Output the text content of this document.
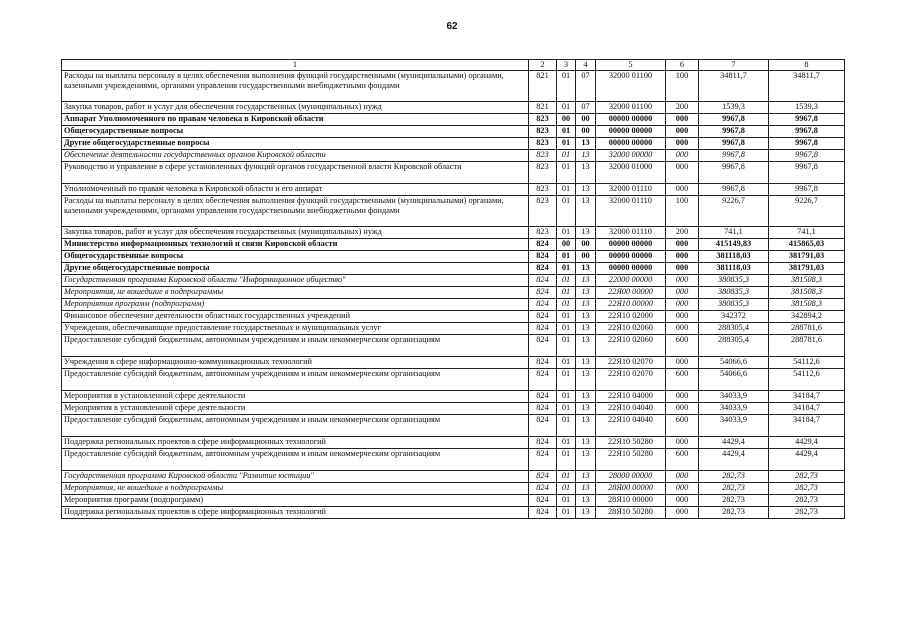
62
1	2	3	4	5	6	7	8
Расходы на выплаты персоналу в целях обеспечения выполнения функций государственными (муниципальными) органами, казенными учреждениями, органами управления государственными внебюджетными фондами	821	01	07	32000 01100	100	34811,7	34811,7
Закупка товаров, работ и услуг для обеспечения государственных (муниципальных) нужд	821	01	07	32000 01100	200	1539,3	1539,3
Аппарат Уполномоченного по правам человека в Кировской области	823	00	00	00000 00000	000	9967,8	9967,8
Общегосударственные вопросы	823	01	00	00000 00000	000	9967,8	9967,8
Другие общегосударственные вопросы	823	01	13	00000 00000	000	9967,8	9967,8
Обеспечение деятельности государственных органов Кировской области	823	01	13	32000 00000	000	9967,8	9967,8
Руководство и управление в сфере установленных функций органов государственной власти Кировской области	823	01	13	32000 01000	000	9967,8	9967,8
Уполномоченный по правам человека в Кировской области и его аппарат	823	01	13	32000 01110	000	9967,8	9967,8
Расходы на выплаты персоналу в целях обеспечения выполнения функций государственными (муниципальными) органами, казенными учреждениями, органами управления государственными внебюджетными фондами	823	01	13	32000 01110	100	9226,7	9226,7
Закупка товаров, работ и услуг для обеспечения государственных (муниципальных) нужд	823	01	13	32000 01110	200	741,1	741,1
Министерство информационных технологий и связи Кировской области	824	00	00	00000 00000	000	415149,83	415865,03
Общегосударственные вопросы	824	01	00	00000 00000	000	381118,03	381791,03
Другие общегосударственные вопросы	824	01	13	00000 00000	000	381118,03	381791,03
Государственная программа Кировской области "Информационное общество"	824	01	13	22000 00000	000	380835,3	381508,3
Мероприятия, не вошедшие в подпрограммы	824	01	13	22Я00 00000	000	380835,3	381508,3
Мероприятия программ (подпрограмм)	824	01	13	22Я10 00000	000	380835,3	381508,3
Финансовое обеспечение деятельности областных государственных учреждений	824	01	13	22Я10 02000	000	342372	342894,2
Учреждения, обеспечивающие предоставление государственных и муниципальных услуг	824	01	13	22Я10 02060	000	288305,4	288781,6
Предоставление субсидий бюджетным, автономным учреждениям и иным некоммерческим организациям	824	01	13	22Я10 02060	600	288305,4	288781,6
Учреждения в сфере информационно-коммуникационных технологий	824	01	13	22Я10 02070	000	54066,6	54112,6
Предоставление субсидий бюджетным, автономным учреждениям и иным некоммерческим организациям	824	01	13	22Я10 02070	600	54066,6	54112,6
Мероприятия в установленной сфере деятельности	824	01	13	22Я10 04000	000	34033,9	34184,7
Мероприятия в установленной сфере деятельности	824	01	13	22Я10 04040	000	34033,9	34184,7
Предоставление субсидий бюджетным, автономным учреждениям и иным некоммерческим организациям	824	01	13	22Я10 04040	600	34033,9	34184,7
Поддержка региональных проектов в сфере информационных технологий	824	01	13	22Я10 50280	000	4429,4	4429,4
Предоставление субсидий бюджетным, автономным учреждениям и иным некоммерческим организациям	824	01	13	22Я10 50280	600	4429,4	4429,4
Государственная программа Кировской области "Развитие юстиции"	824	01	13	28000 00000	000	282,73	282,73
Мероприятия, не вошедшие в подпрограммы	824	01	13	28Я00 00000	000	282,73	282,73
Мероприятия программ (подпрограмм)	824	01	13	28Я10 00000	000	282,73	282,73
Поддержка региональных проектов в сфере информационных технологий	824	01	13	28Я10 50280	000	282,73	282,73
